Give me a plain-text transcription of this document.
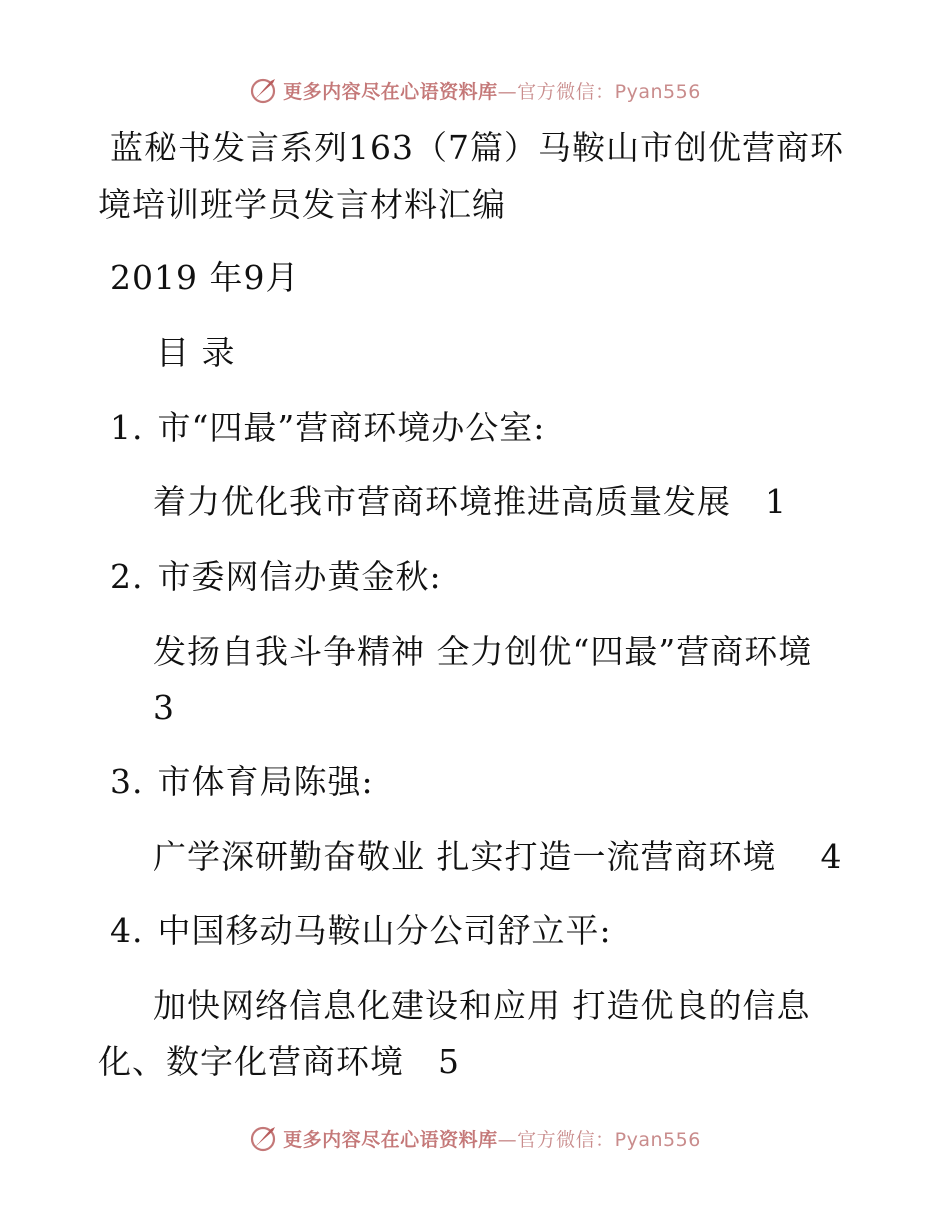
更多内容尽在心语资料库—官方微信：Pyan556
蓝秘书发言系列163（7篇）马鞍山市创优营商环
境培训班学员发言材料汇编
2019 年9月
目 录
1. 市“四最”营商环境办公室:
着力优化我市营商环境推进高质量发展 1
2. 市委网信办黄金秋:
发扬自我斗争精神 全力创优“四最”营商环境
3
3. 市体育局陈强:
广学深研勤奋敬业 扎实打造一流营商环境 4
4. 中国移动马鞍山分公司舒立平:
加快网络信息化建设和应用 打造优良的信息
化、数字化营商环境 5
更多内容尽在心语资料库—官方微信：Pyan556
